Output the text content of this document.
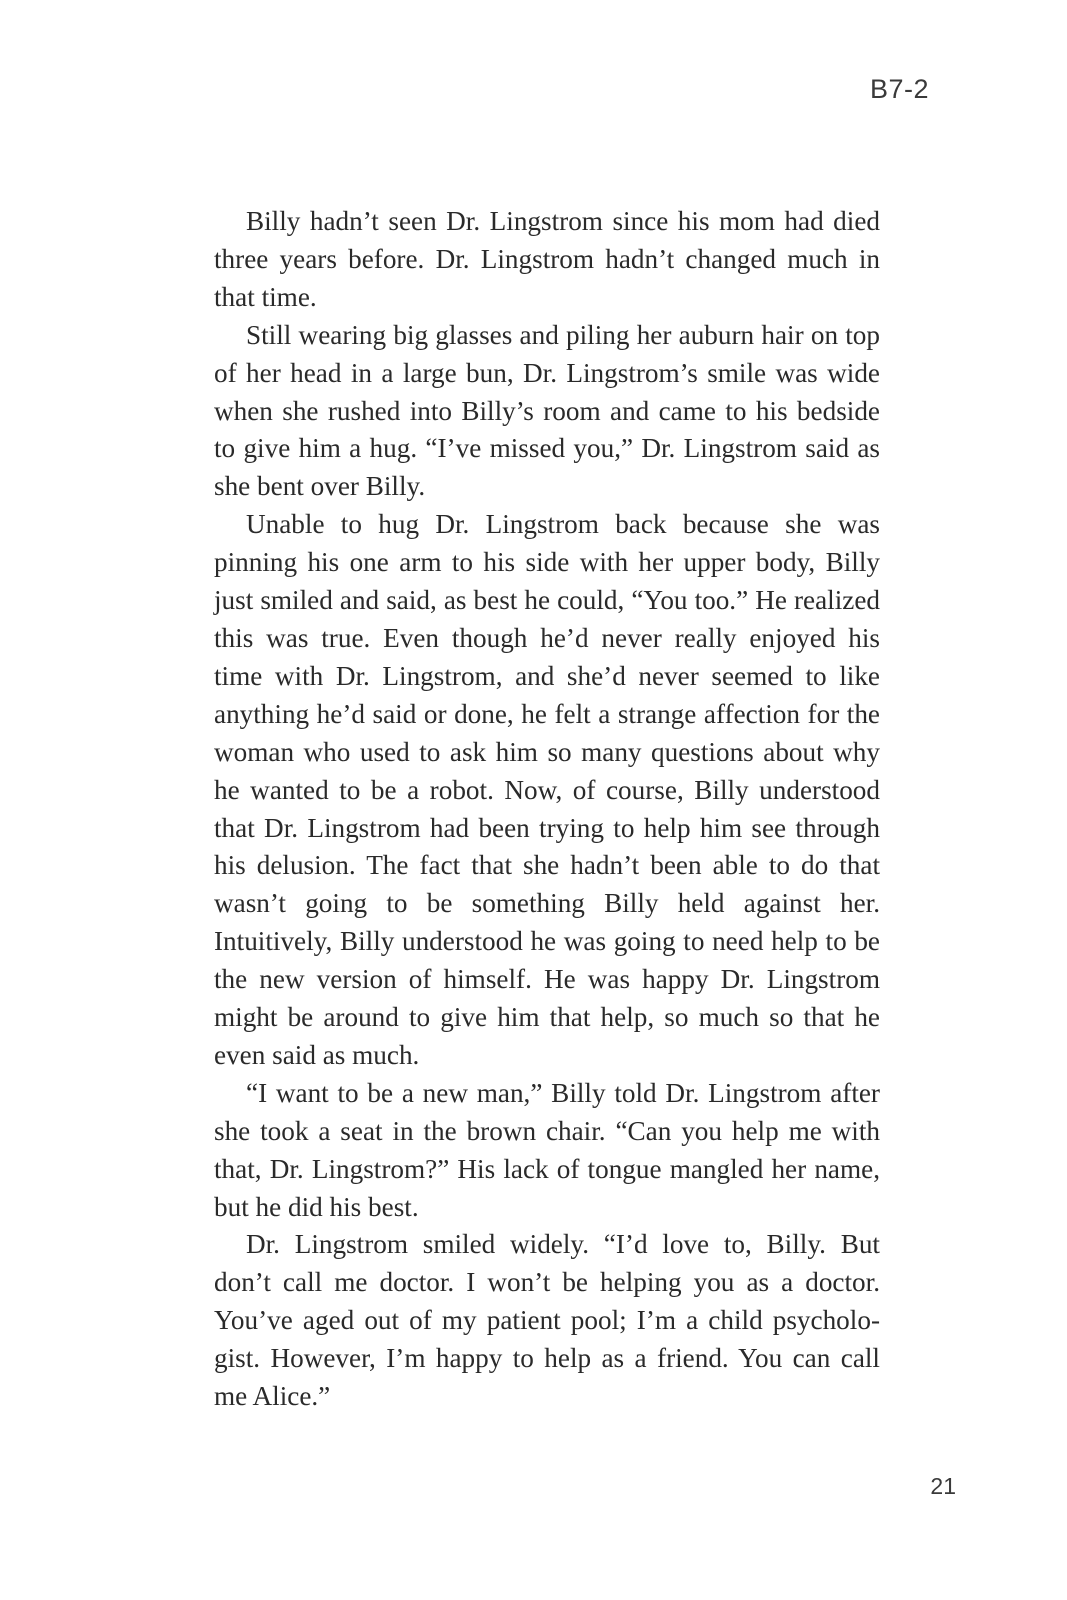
B7-2

Billy hadn’t seen Dr. Lingstrom since his mom had died three years before. Dr. Lingstrom hadn’t changed much in that time.

Still wearing big glasses and piling her auburn hair on top of her head in a large bun, Dr. Lingstrom’s smile was wide when she rushed into Billy’s room and came to his bedside to give him a hug. “I’ve missed you,” Dr. Lingstrom said as she bent over Billy.

Unable to hug Dr. Lingstrom back because she was pinning his one arm to his side with her upper body, Billy just smiled and said, as best he could, “You too.” He realized this was true. Even though he’d never really enjoyed his time with Dr. Lingstrom, and she’d never seemed to like anything he’d said or done, he felt a strange affection for the woman who used to ask him so many questions about why he wanted to be a robot. Now, of course, Billy understood that Dr. Lingstrom had been trying to help him see through his delusion. The fact that she hadn’t been able to do that wasn’t going to be something Billy held against her. Intuitively, Billy understood he was going to need help to be the new version of himself. He was happy Dr. Lingstrom might be around to give him that help, so much so that he even said as much.

“I want to be a new man,” Billy told Dr. Lingstrom after she took a seat in the brown chair. “Can you help me with that, Dr. Lingstrom?” His lack of tongue mangled her name, but he did his best.

Dr. Lingstrom smiled widely. “I’d love to, Billy. But don’t call me doctor. I won’t be helping you as a doctor. You’ve aged out of my patient pool; I’m a child psychologist. However, I’m happy to help as a friend. You can call me Alice.”

21
